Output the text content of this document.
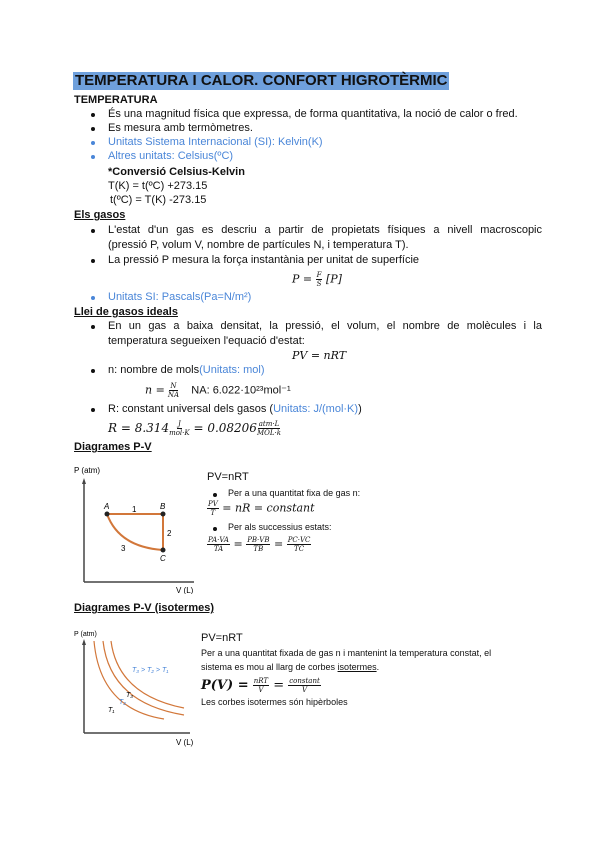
TEMPERATURA I CALOR. CONFORT HIGROTÈRMIC
TEMPERATURA
És una magnitud física que expressa, de forma quantitativa, la noció de calor o fred.
Es mesura amb termòmetres.
Unitats Sistema Internacional (SI): Kelvin(K)
Altres unitats: Celsius(ºC)
*Conversió Celsius-Kelvin
T(K) = t(ºC) +273.15
t(ºC) = T(K) -273.15
Els gasos
L'estat d'un gas es descriu a partir de propietats físiques a nivell macroscopic
(pressió P, volum V, nombre de partícules N, i temperatura T).
La pressió P mesura la força instantània per unitat de superfície
$P = \frac{F}{S} [P]$
Unitats SI: Pascals(Pa=N/m²)
Llei de gasos ideals
En un gas a baixa densitat, la pressió, el volum, el nombre de molècules i la
temperatura segueixen l'equació d'estat:
PV = nRT
n: nombre de mols(Unitats: mol)
$n = \frac{N}{NA}$ NA: 6.022·10²³mol⁻¹
R: constant universal dels gasos (Unitats: J/(mol·K))
R = 8.314 J
mol·K = 0.08206 atm·L
MOL·k
Diagrames P-V
P (atm)
V (L)
A	B
C
1
2
3
PV=nRT
Per a una quantitat fixa de gas n:
$\frac{PV}{T}$ = nR = constant
Per als successius estats:
$\frac{PA\cdot VA}{TA} = \frac{PB\cdot VB}{TB} = \frac{PC\cdot VC}{TC}$
Diagrames P-V (isotermes)
P (atm)
V (L)
T₃ > T₂ > T₁
T₁
T₂
T₃
PV=nRT
Per a una quantitat fixada de gas n i mantenint la temperatura constat, el
sistema es mou al llarg de corbes isotermes.
P(V) = nRT
V = constant
V
Les corbes isotermes són hipèrboles
